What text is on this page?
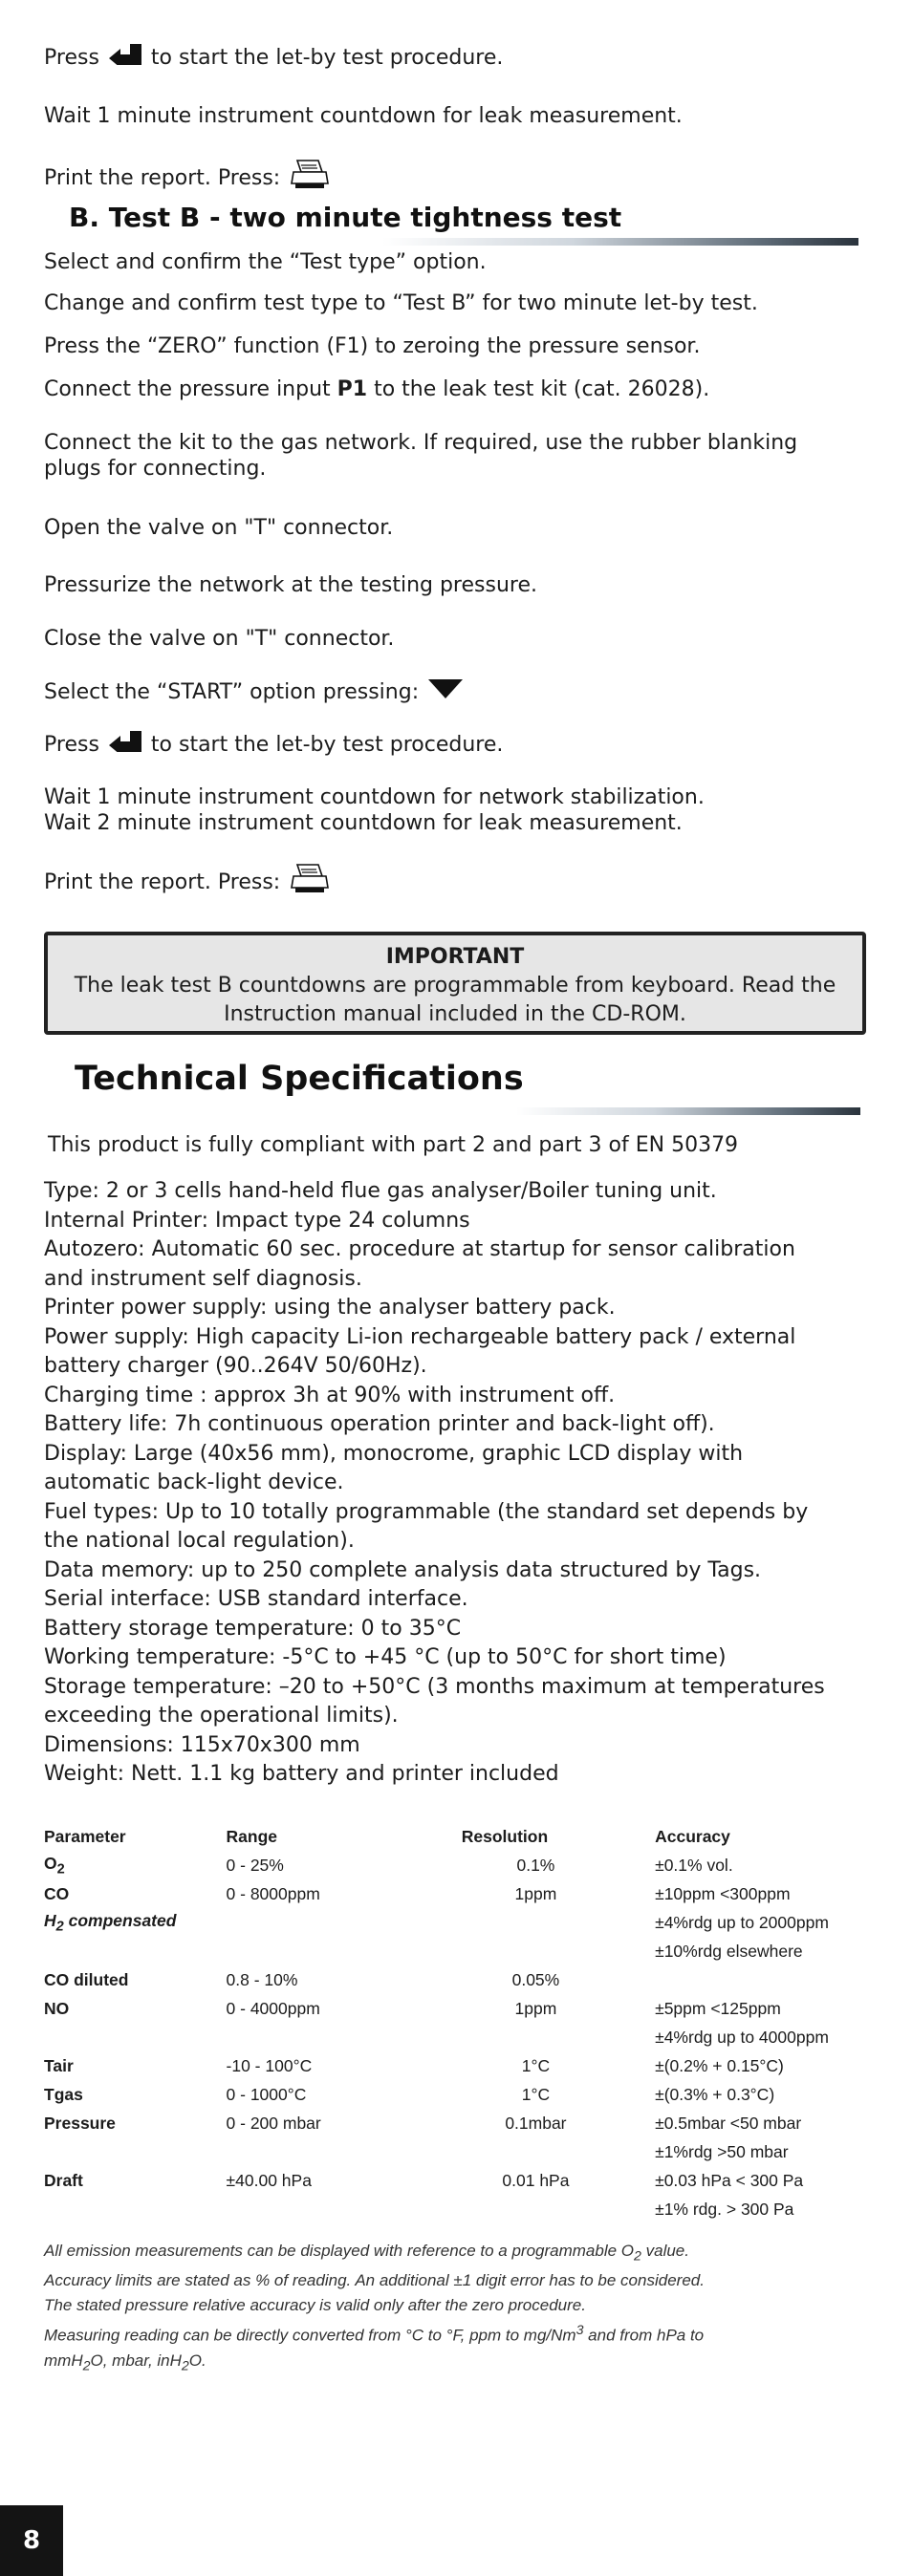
Press to start the let-by test procedure.
Wait 1 minute instrument countdown for leak measurement.
Print the report. Press:
B. Test B - two minute tightness test
Select and confirm the “Test type” option.
Change and confirm test type to “Test B” for two minute let-by test.
Press the “ZERO” function (F1) to zeroing the pressure sensor.
Connect the pressure input P1 to the leak test kit (cat. 26028).
Connect the kit to the gas network. If required, use the rubber blanking
plugs for connecting.
Open the valve on "T" connector.
Pressurize the network at the testing pressure.
Close the valve on "T" connector.
Select the “START” option pressing:
Press to start the let-by test procedure.
Wait 1 minute instrument countdown for network stabilization.
Wait 2 minute instrument countdown for leak measurement.
Print the report. Press:
IMPORTANT
The leak test B countdowns are programmable from keyboard. Read the
Instruction manual included in the CD-ROM.
Technical Specifications
This product is fully compliant with part 2 and part 3 of EN 50379

Type: 2 or 3 cells hand-held flue gas analyser/Boiler tuning unit.

Internal Printer: Impact type 24 columns

Autozero: Automatic 60 sec. procedure at startup for sensor calibration

and instrument self diagnosis.

Printer power supply: using the analyser battery pack.

Power supply: High capacity Li-ion rechargeable battery pack / external

battery charger (90..264V 50/60Hz).

Charging time : approx 3h at 90% with instrument off.

Battery life: 7h continuous operation printer and back-light off).

Display: Large (40x56 mm), monocrome, graphic LCD display with

automatic back-light device.

Fuel types: Up to 10 totally programmable (the standard set depends by

the national local regulation).

Data memory: up to 250 complete analysis data structured by Tags.

Serial interface: USB standard interface.

Battery storage temperature: 0 to 35°C

Working temperature: -5°C to +45 °C (up to 50°C for short time)

Storage temperature: –20 to +50°C (3 months maximum at temperatures

exceeding the operational limits).

Dimensions: 115x70x300 mm

Weight: Nett. 1.1 kg battery and printer included

Parameter	Range	Resolution	Accuracy
$O_2$	0 - 25%	0.1%	±0.1% vol.
CO	0 - 8000ppm	1ppm	±10ppm <300ppm
$H_2$ compensated			±4%rdg up to 2000ppm
			±10%rdg elsewhere
CO diluted	0.8 - 10%	0.05%	
NO	0 - 4000ppm	1ppm	±5ppm <125ppm
			±4%rdg up to 4000ppm
Tair	-10 - 100°C	1°C	±(0.2% + 0.15°C)
Tgas	0 - 1000°C	1°C	±(0.3% + 0.3°C)
Pressure	0 - 200 mbar	0.1mbar	±0.5mbar <50 mbar
			±1%rdg >50 mbar
Draft	±40.00 hPa	0.01 hPa	±0.03 hPa < 300 Pa
			±1% rdg. > 300 Pa

All emission measurements can be displayed with reference to a programmable $O_2$ value.

Accuracy limits are stated as % of reading. An additional ±1 digit error has to be considered.

The stated pressure relative accuracy is valid only after the zero procedure.

Measuring reading can be directly converted from °C to °F, ppm to mg/Nm$^3$ and from hPa to

mmH$_2$O, mbar, inH$_2$O.

8
